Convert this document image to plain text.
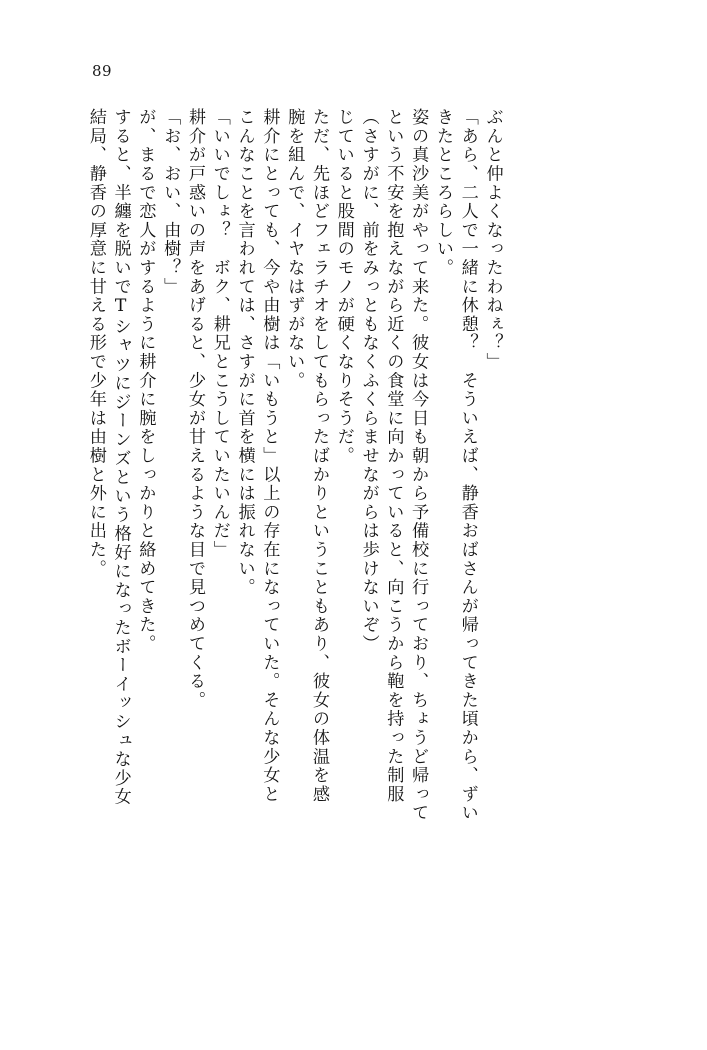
89
結局、静香の厚意に甘える形で少年は由樹と外に出た。 すると、半纏を脱いでTシャツにジーンズという格好になったボーイッシュな少女 が、まるで恋人がするように耕介に腕をしっかりと絡めてきた。 「お、おい、由樹？」 耕介が戸惑いの声をあげると、少女が甘えるような目で見つめてくる。 「いいでしょ？　ボク、耕兄とこうしていたいんだ」 こんなことを言われては、さすがに首を横には振れない。 耕介にとっても、今や由樹は「いもうと」以上の存在になっていた。そんな少女と 腕を組んで、イヤなはずがない。 ただ、先ほどフェラチオをしてもらったばかりということもあり、彼女の体温を感 じていると股間のモノが硬くなりそうだ。 （さすがに、前をみっともなくふくらませながらは歩けないぞ） という不安を抱えながら近くの食堂に向かっていると、向こうから鞄を持った制服 姿の真沙美がやって来た。彼女は今日も朝から予備校に行っており、ちょうど帰って きたところらしい。 「あら、二人で一緒に休憩？　そういえば、静香おばさんが帰ってきた頃から、ずい ぶんと仲よくなったわねぇ？」
